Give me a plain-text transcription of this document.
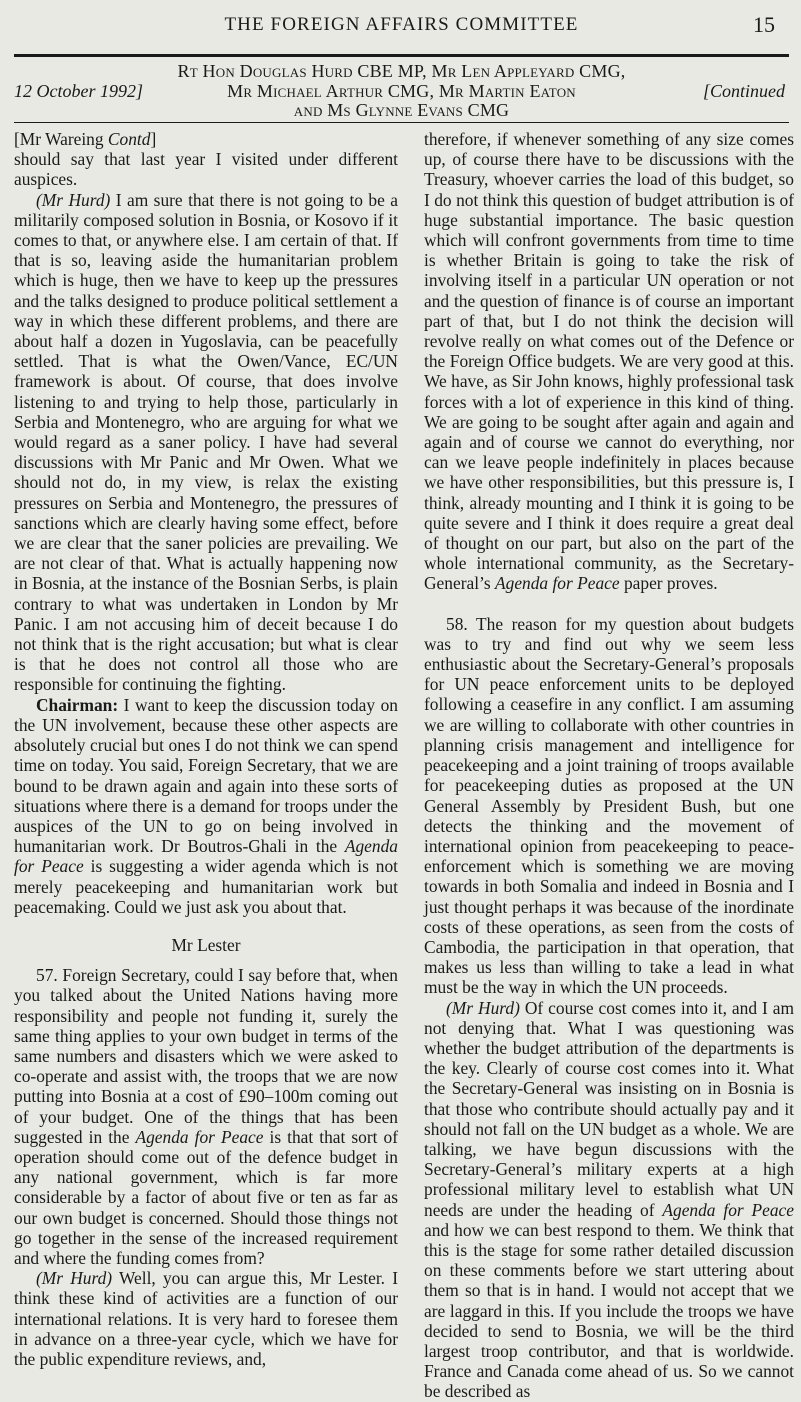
THE FOREIGN AFFAIRS COMMITTEE	15
Rt Hon Douglas Hurd CBE MP, Mr Len Appleyard CMG,
Mr Michael Arthur CMG, Mr Martin Eaton
and Ms Glynne Evans CMG
12 October 1992]	[Continued

[Mr Wareing Contd]
should say that last year I visited under different auspices.

(Mr Hurd) I am sure that there is not going to be a militarily composed solution in Bosnia, or Kosovo if it comes to that, or anywhere else. I am certain of that. If that is so, leaving aside the humanitarian problem which is huge, then we have to keep up the pressures and the talks designed to produce political settlement a way in which these different problems, and there are about half a dozen in Yugoslavia, can be peacefully settled. That is what the Owen/Vance, EC/UN framework is about. Of course, that does involve listening to and trying to help those, particularly in Serbia and Montenegro, who are arguing for what we would regard as a saner policy. I have had several discussions with Mr Panic and Mr Owen. What we should not do, in my view, is relax the existing pressures on Serbia and Montenegro, the pressures of sanctions which are clearly having some effect, before we are clear that the saner policies are prevailing. We are not clear of that. What is actually happening now in Bosnia, at the instance of the Bosnian Serbs, is plain contrary to what was undertaken in London by Mr Panic. I am not accusing him of deceit because I do not think that is the right accusation; but what is clear is that he does not control all those who are responsible for continuing the fighting.

Chairman: I want to keep the discussion today on the UN involvement, because these other aspects are absolutely crucial but ones I do not think we can spend time on today. You said, Foreign Secretary, that we are bound to be drawn again and again into these sorts of situations where there is a demand for troops under the auspices of the UN to go on being involved in humanitarian work. Dr Boutros-Ghali in the Agenda for Peace is suggesting a wider agenda which is not merely peacekeeping and humanitarian work but peacemaking. Could we just ask you about that.

Mr Lester

57. Foreign Secretary, could I say before that, when you talked about the United Nations having more responsibility and people not funding it, surely the same thing applies to your own budget in terms of the same numbers and disasters which we were asked to co-operate and assist with, the troops that we are now putting into Bosnia at a cost of £90–100m coming out of your budget. One of the things that has been suggested in the Agenda for Peace is that that sort of operation should come out of the defence budget in any national government, which is far more considerable by a factor of about five or ten as far as our own budget is concerned. Should those things not go together in the sense of the increased requirement and where the funding comes from?

(Mr Hurd) Well, you can argue this, Mr Lester. I think these kind of activities are a function of our international relations. It is very hard to foresee them in advance on a three-year cycle, which we have for the public expenditure reviews, and,

therefore, if whenever something of any size comes up, of course there have to be discussions with the Treasury, whoever carries the load of this budget, so I do not think this question of budget attribution is of huge substantial importance. The basic question which will confront governments from time to time is whether Britain is going to take the risk of involving itself in a particular UN operation or not and the question of finance is of course an important part of that, but I do not think the decision will revolve really on what comes out of the Defence or the Foreign Office budgets. We are very good at this. We have, as Sir John knows, highly professional task forces with a lot of experience in this kind of thing. We are going to be sought after again and again and again and of course we cannot do everything, nor can we leave people indefinitely in places because we have other responsibilities, but this pressure is, I think, already mounting and I think it is going to be quite severe and I think it does require a great deal of thought on our part, but also on the part of the whole international community, as the Secretary-General’s Agenda for Peace paper proves.

58. The reason for my question about budgets was to try and find out why we seem less enthusiastic about the Secretary-General’s proposals for UN peace enforcement units to be deployed following a ceasefire in any conflict. I am assuming we are willing to collaborate with other countries in planning crisis management and intelligence for peacekeeping and a joint training of troops available for peacekeeping duties as proposed at the UN General Assembly by President Bush, but one detects the thinking and the movement of international opinion from peacekeeping to peace-enforcement which is something we are moving towards in both Somalia and indeed in Bosnia and I just thought perhaps it was because of the inordinate costs of these operations, as seen from the costs of Cambodia, the participation in that operation, that makes us less than willing to take a lead in what must be the way in which the UN proceeds.

(Mr Hurd) Of course cost comes into it, and I am not denying that. What I was questioning was whether the budget attribution of the departments is the key. Clearly of course cost comes into it. What the Secretary-General was insisting on in Bosnia is that those who contribute should actually pay and it should not fall on the UN budget as a whole. We are talking, we have begun discussions with the Secretary-General’s military experts at a high professional military level to establish what UN needs are under the heading of Agenda for Peace and how we can best respond to them. We think that this is the stage for some rather detailed discussion on these comments before we start uttering about them so that is in hand. I would not accept that we are laggard in this. If you include the troops we have decided to send to Bosnia, we will be the third largest troop contributor, and that is worldwide. France and Canada come ahead of us. So we cannot be described as
